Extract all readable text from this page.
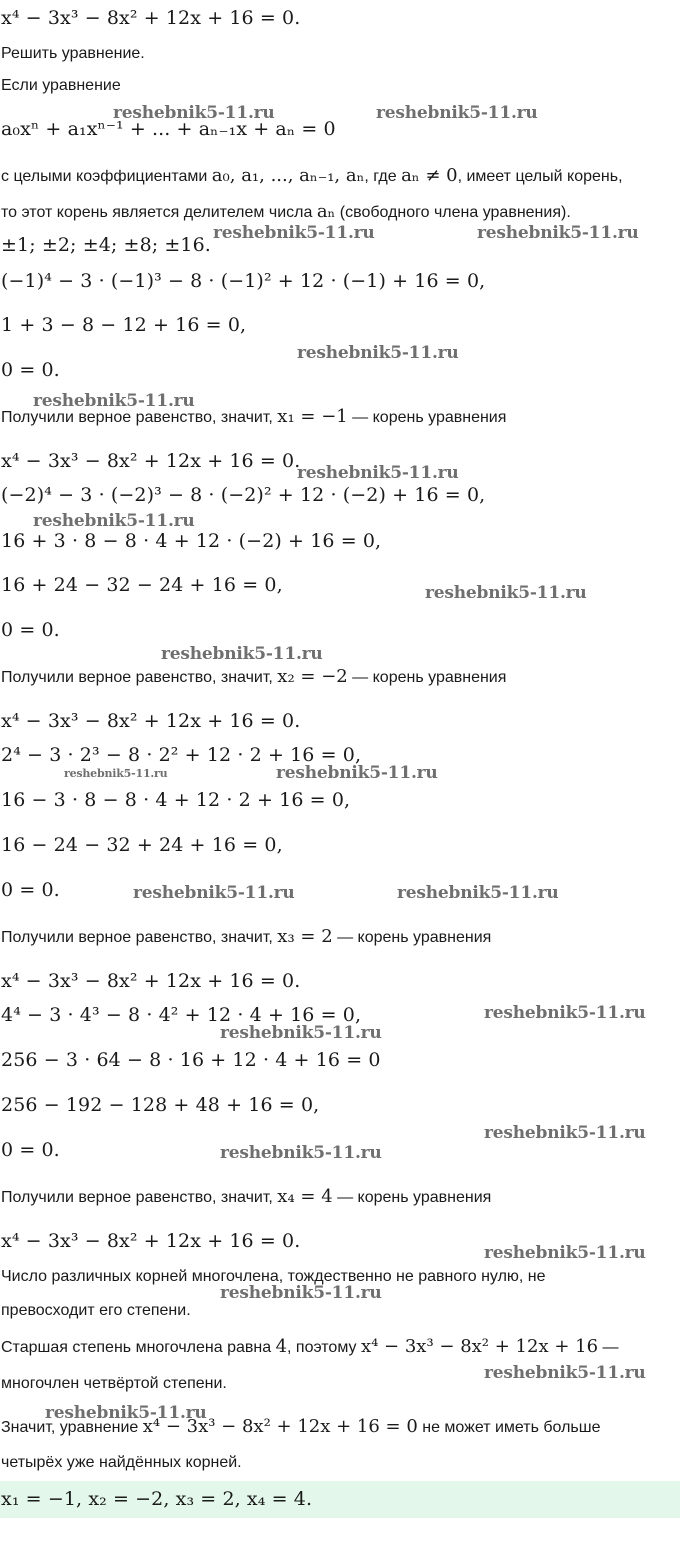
x⁴ − 3x³ − 8x² + 12x + 16 = 0.
Решить уравнение.
Если уравнение
a₀xⁿ + a₁xⁿ⁻¹ + ... + aₙ₋₁x + aₙ = 0
с целыми коэффициентами a₀, a₁, ..., aₙ₋₁, aₙ, где aₙ ≠ 0, имеет целый корень,
то этот корень является делителем числа aₙ (свободного члена уравнения).
±1; ±2; ±4; ±8; ±16.
(−1)⁴ − 3 · (−1)³ − 8 · (−1)² + 12 · (−1) + 16 = 0,
1 + 3 − 8 − 12 + 16 = 0,
0 = 0.
Получили верное равенство, значит, x₁ = −1 — корень уравнения
x⁴ − 3x³ − 8x² + 12x + 16 = 0.
(−2)⁴ − 3 · (−2)³ − 8 · (−2)² + 12 · (−2) + 16 = 0,
16 + 3 · 8 − 8 · 4 + 12 · (−2) + 16 = 0,
16 + 24 − 32 − 24 + 16 = 0,
0 = 0.
Получили верное равенство, значит, x₂ = −2 — корень уравнения
x⁴ − 3x³ − 8x² + 12x + 16 = 0.
2⁴ − 3 · 2³ − 8 · 2² + 12 · 2 + 16 = 0,
16 − 3 · 8 − 8 · 4 + 12 · 2 + 16 = 0,
16 − 24 − 32 + 24 + 16 = 0,
0 = 0.
Получили верное равенство, значит, x₃ = 2 — корень уравнения
x⁴ − 3x³ − 8x² + 12x + 16 = 0.
4⁴ − 3 · 4³ − 8 · 4² + 12 · 4 + 16 = 0,
256 − 3 · 64 − 8 · 16 + 12 · 4 + 16 = 0
256 − 192 − 128 + 48 + 16 = 0,
0 = 0.
Получили верное равенство, значит, x₄ = 4 — корень уравнения
x⁴ − 3x³ − 8x² + 12x + 16 = 0.
Число различных корней многочлена, тождественно не равного нулю, не
превосходит его степени.
Старшая степень многочлена равна 4, поэтому x⁴ − 3x³ − 8x² + 12x + 16 —
многочлен четвёртой степени.
Значит, уравнение x⁴ − 3x³ − 8x² + 12x + 16 = 0 не может иметь больше
четырёх уже найдённых корней.
x₁ = −1, x₂ = −2, x₃ = 2, x₄ = 4.
reshebnik5-11.ru	reshebnik5-11.ru
reshebnik5-11.ru	reshebnik5-11.ru
reshebnik5-11.ru
reshebnik5-11.ru
reshebnik5-11.ru
reshebnik5-11.ru
reshebnik5-11.ru
reshebnik5-11.ru
reshebnik5-11.ru	reshebnik5-11.ru
reshebnik5-11.ru	reshebnik5-11.ru
reshebnik5-11.ru
reshebnik5-11.ru
reshebnik5-11.ru
reshebnik5-11.ru
reshebnik5-11.ru
reshebnik5-11.ru
reshebnik5-11.ru
reshebnik5-11.ru
